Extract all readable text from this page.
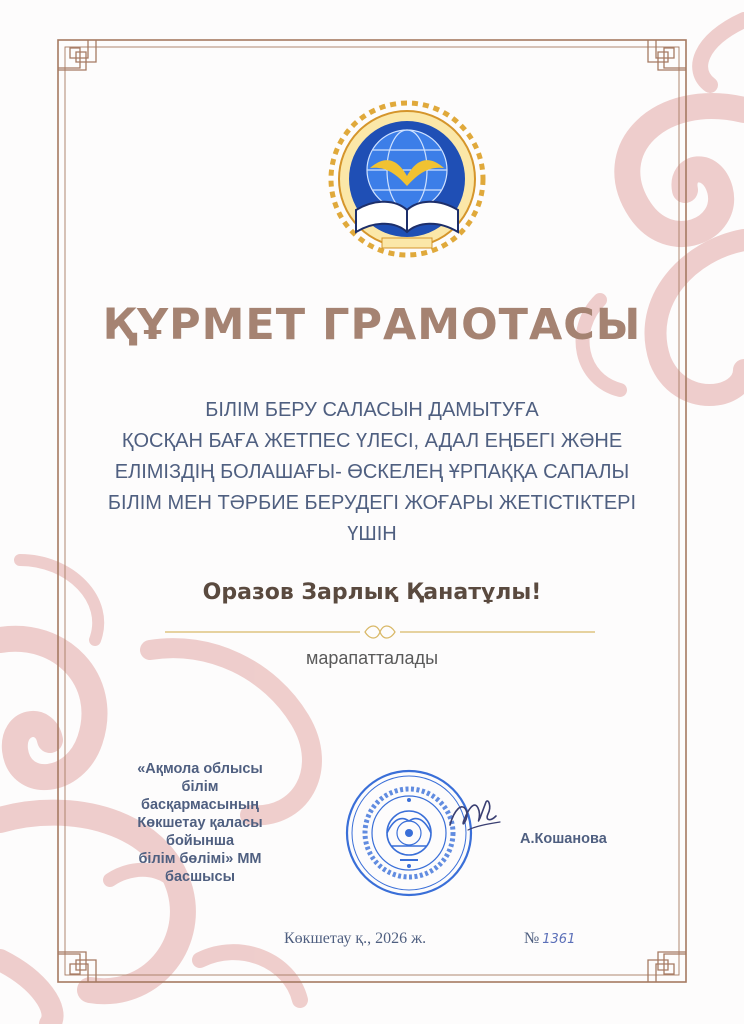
ҚҰРМЕТ ГРАМОТАСЫ
БІЛІМ БЕРУ САЛАСЫН ДАМЫТУҒА
ҚОСҚАН БАҒА ЖЕТПЕС ҮЛЕСІ, АДАЛ ЕҢБЕГІ ЖӘНЕ
ЕЛІМІЗДІҢ БОЛАШАҒЫ- ӨСКЕЛЕҢ ҰРПАҚҚА САПАЛЫ
БІЛІМ МЕН ТӘРБИЕ БЕРУДЕГІ ЖОҒАРЫ ЖЕТІСТІКТЕРІ
ҮШІН
Оразов Зарлық Қанатұлы!
марапатталады
«Ақмола облысы
білім
басқармасының
Көкшетау қаласы
бойынша
білім бөлімі» ММ
басшысы
А.Кошанова
Көкшетау қ., 2026 ж.	№ 1361
